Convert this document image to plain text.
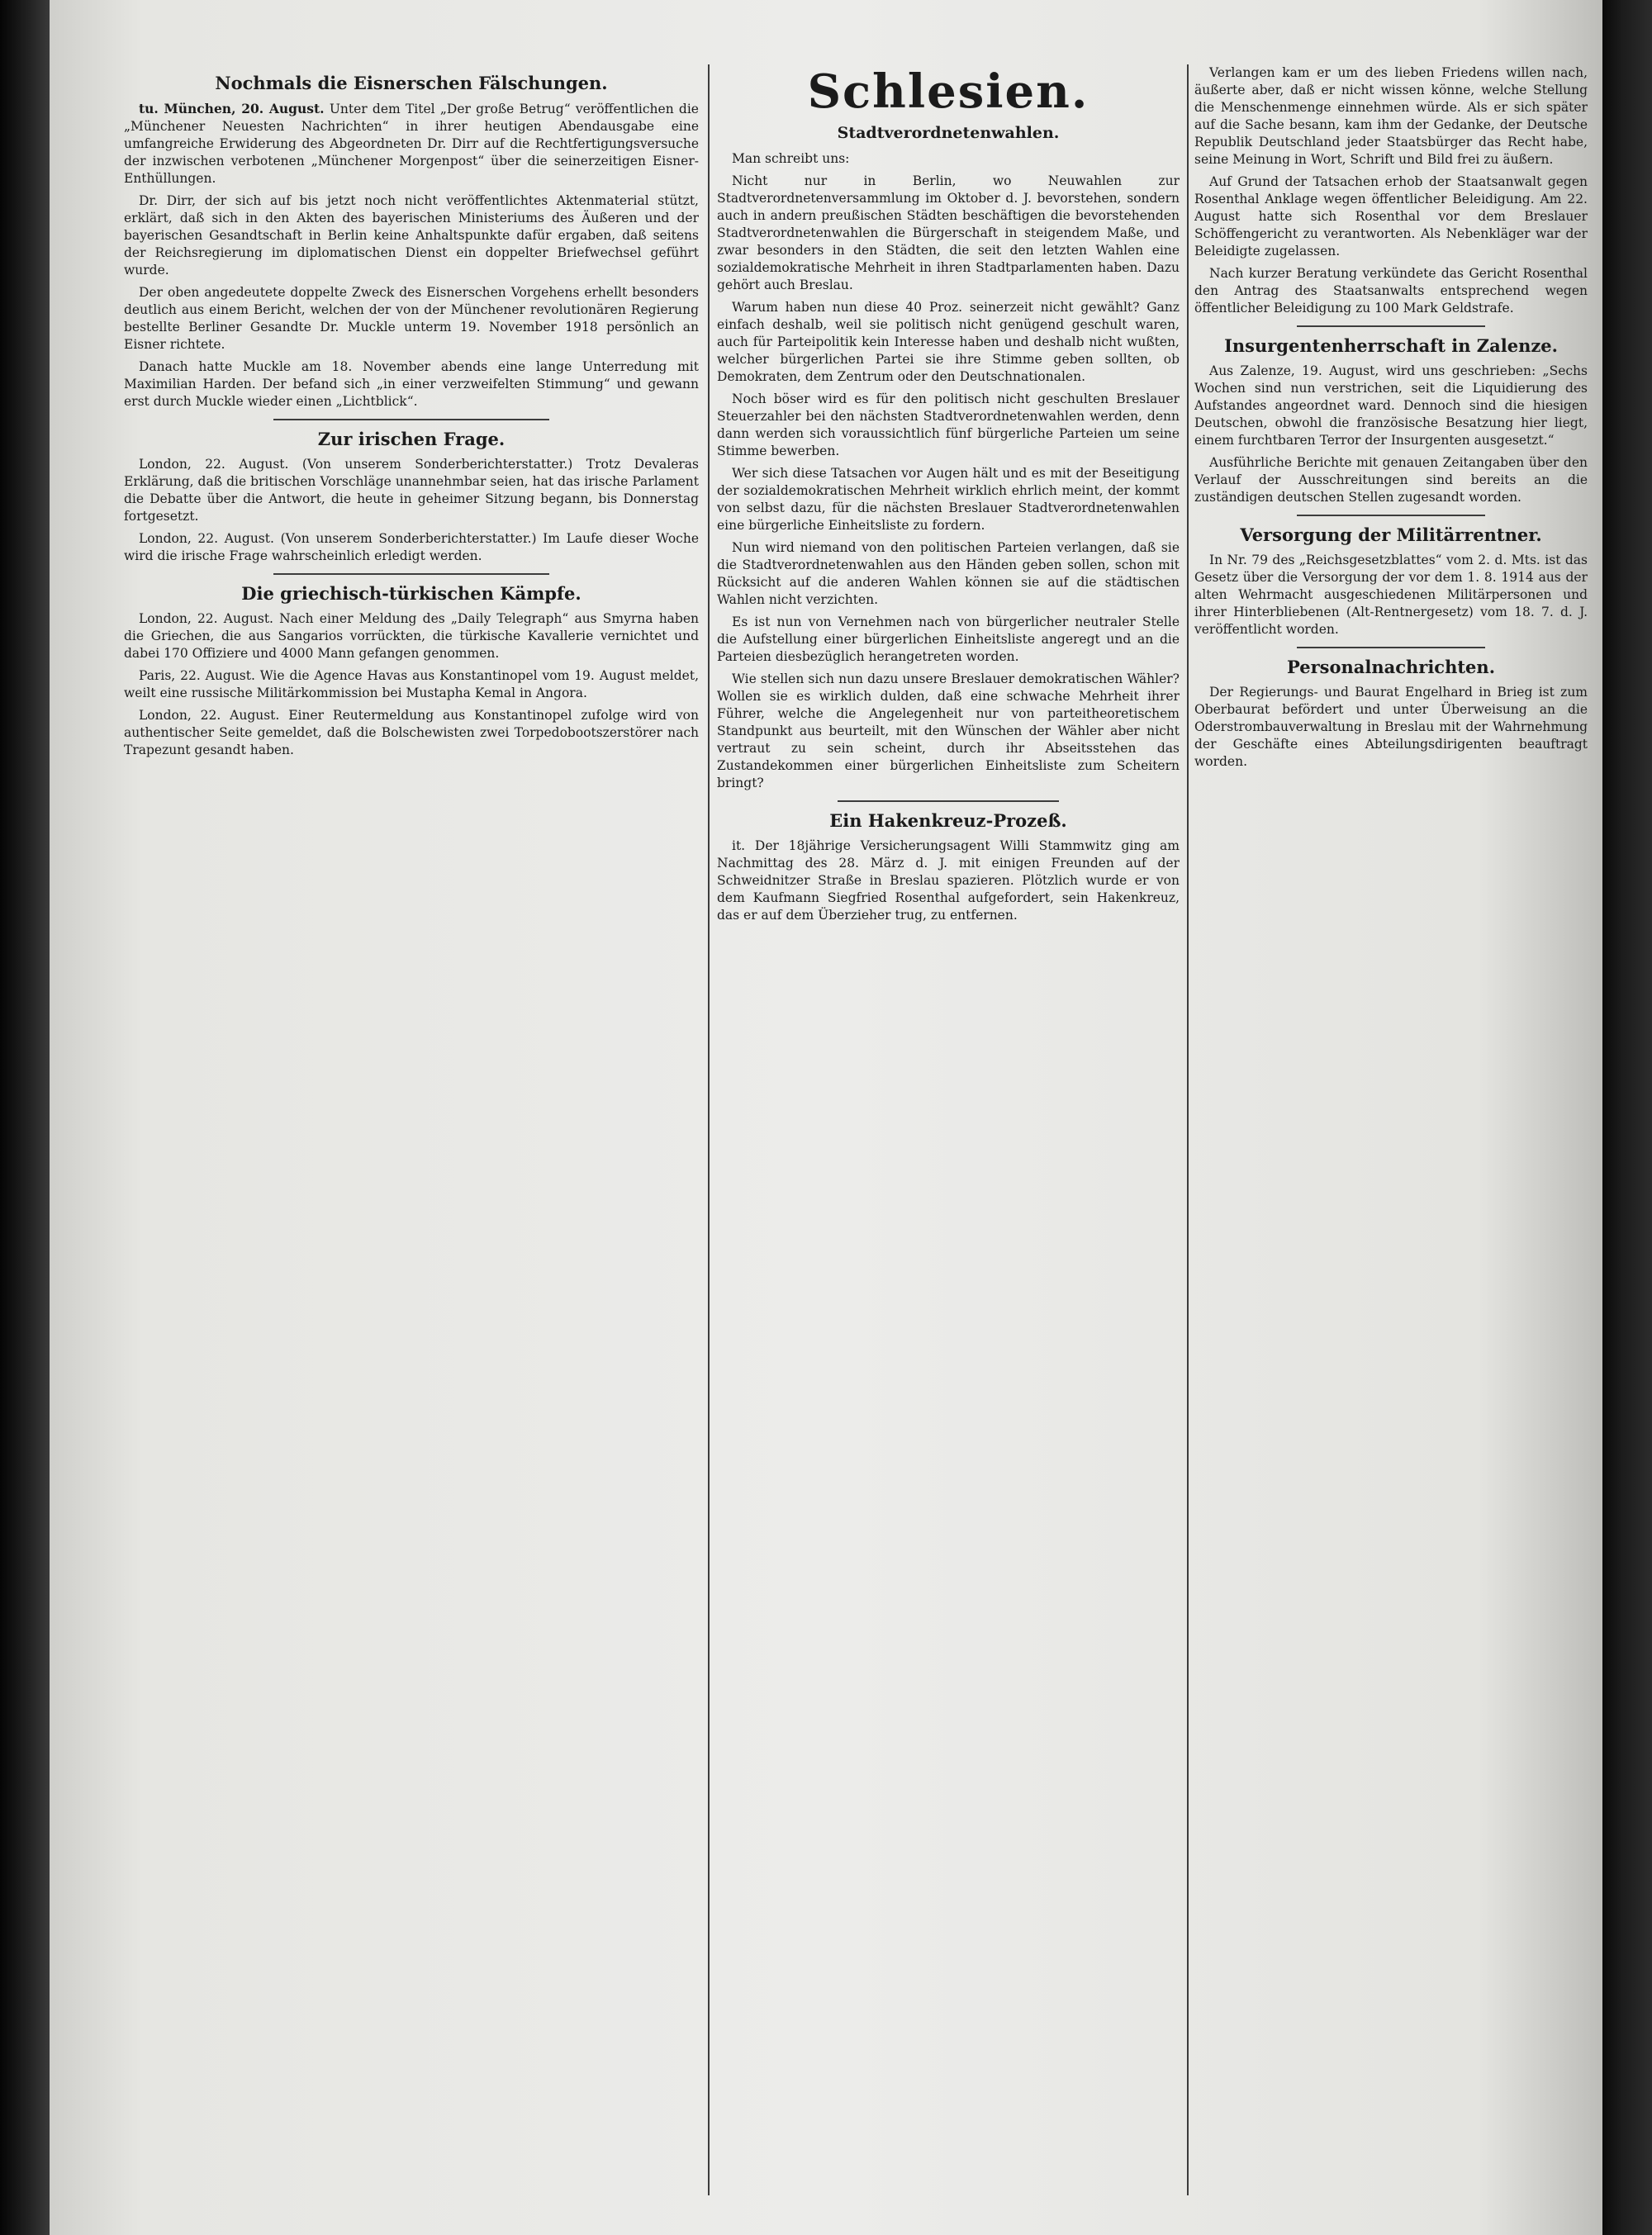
Nochmals die Eisnerschen Fälschungen.

tu. München, 20. August. Unter dem Titel „Der große Betrug“ veröffentlichen die „Münchener Neuesten Nachrichten“ in ihrer heutigen Abendausgabe eine umfangreiche Erwiderung des Abgeordneten Dr. Dirr auf die Rechtfertigungsversuche der inzwischen verbotenen „Münchener Morgenpost“ über die seinerzeitigen Eisner-Enthüllungen.

Dr. Dirr, der sich auf bis jetzt noch nicht veröffentlichtes Aktenmaterial stützt, erklärt, daß sich in den Akten des bayerischen Ministeriums des Äußeren und der bayerischen Gesandtschaft in Berlin keine Anhaltspunkte dafür ergaben, daß seitens der Reichsregierung im diplomatischen Dienst ein doppelter Briefwechsel geführt wurde.

Der oben angedeutete doppelte Zweck des Eisnerschen Vorgehens erhellt besonders deutlich aus einem Bericht, welchen der von der Münchener revolutionären Regierung bestellte Berliner Gesandte Dr. Muckle unterm 19. November 1918 persönlich an Eisner richtete.

Danach hatte Muckle am 18. November abends eine lange Unterredung mit Maximilian Harden. Der befand sich „in einer verzweifelten Stimmung“ und gewann erst durch Muckle wieder einen „Lichtblick“.

Zur irischen Frage.

London, 22. August. (Von unserem Sonderberichterstatter.) Trotz Devaleras Erklärung, daß die britischen Vorschläge unannehmbar seien, hat das irische Parlament die Debatte über die Antwort, die heute in geheimer Sitzung begann, bis Donnerstag fortgesetzt.

London, 22. August. (Von unserem Sonderberichterstatter.) Im Laufe dieser Woche wird die irische Frage wahrscheinlich erledigt werden.

Die griechisch-türkischen Kämpfe.

London, 22. August. Nach einer Meldung des „Daily Telegraph“ aus Smyrna haben die Griechen, die aus Sangarios vorrückten, die türkische Kavallerie vernichtet und dabei 170 Offiziere und 4000 Mann gefangen genommen.

Paris, 22. August. Wie die Agence Havas aus Konstantinopel vom 19. August meldet, weilt eine russische Militärkommission bei Mustapha Kemal in Angora.

London, 22. August. Einer Reutermeldung aus Konstantinopel zufolge wird von authentischer Seite gemeldet, daß die Bolschewisten zwei Torpedobootszerstörer nach Trapezunt gesandt haben.

Schlesien.
Stadtverordnetenwahlen.

Man schreibt uns:

Nicht nur in Berlin, wo Neuwahlen zur Stadtverordnetenversammlung im Oktober d. J. bevorstehen, sondern auch in andern preußischen Städten beschäftigen die bevorstehenden Stadtverordnetenwahlen die Bürgerschaft in steigendem Maße, und zwar besonders in den Städten, die seit den letzten Wahlen eine sozialdemokratische Mehrheit in ihren Stadtparlamenten haben. Dazu gehört auch Breslau.

Warum haben nun diese 40 Proz. seinerzeit nicht gewählt? Ganz einfach deshalb, weil sie politisch nicht genügend geschult waren, auch für Parteipolitik kein Interesse haben und deshalb nicht wußten, welcher bürgerlichen Partei sie ihre Stimme geben sollten, ob Demokraten, dem Zentrum oder den Deutschnationalen.

Noch böser wird es für den politisch nicht geschulten Breslauer Steuerzahler bei den nächsten Stadtverordnetenwahlen werden, denn dann werden sich voraussichtlich fünf bürgerliche Parteien um seine Stimme bewerben.

Wer sich diese Tatsachen vor Augen hält und es mit der Beseitigung der sozialdemokratischen Mehrheit wirklich ehrlich meint, der kommt von selbst dazu, für die nächsten Breslauer Stadtverordnetenwahlen eine bürgerliche Einheitsliste zu fordern.

Nun wird niemand von den politischen Parteien verlangen, daß sie die Stadtverordnetenwahlen aus den Händen geben sollen, schon mit Rücksicht auf die anderen Wahlen können sie auf die städtischen Wahlen nicht verzichten.

Es ist nun von Vernehmen nach von bürgerlicher neutraler Stelle die Aufstellung einer bürgerlichen Einheitsliste angeregt und an die Parteien diesbezüglich herangetreten worden.

Wie stellen sich nun dazu unsere Breslauer demokratischen Wähler? Wollen sie es wirklich dulden, daß eine schwache Mehrheit ihrer Führer, welche die Angelegenheit nur von parteitheoretischem Standpunkt aus beurteilt, mit den Wünschen der Wähler aber nicht vertraut zu sein scheint, durch ihr Abseitsstehen das Zustandekommen einer bürgerlichen Einheitsliste zum Scheitern bringt?

Ein Hakenkreuz-Prozeß.

it. Der 18jährige Versicherungsagent Willi Stammwitz ging am Nachmittag des 28. März d. J. mit einigen Freunden auf der Schweidnitzer Straße in Breslau spazieren. Plötzlich wurde er von dem Kaufmann Siegfried Rosenthal aufgefordert, sein Hakenkreuz, das er auf dem Überzieher trug, zu entfernen.

Verlangen kam er um des lieben Friedens willen nach, äußerte aber, daß er nicht wissen könne, welche Stellung die Menschenmenge einnehmen würde. Als er sich später auf die Sache besann, kam ihm der Gedanke, der Deutsche Republik Deutschland jeder Staatsbürger das Recht habe, seine Meinung in Wort, Schrift und Bild frei zu äußern.

Auf Grund der Tatsachen erhob der Staatsanwalt gegen Rosenthal Anklage wegen öffentlicher Beleidigung. Am 22. August hatte sich Rosenthal vor dem Breslauer Schöffengericht zu verantworten. Als Nebenkläger war der Beleidigte zugelassen.

Nach kurzer Beratung verkündete das Gericht Rosenthal den Antrag des Staatsanwalts entsprechend wegen öffentlicher Beleidigung zu 100 Mark Geldstrafe.

Insurgentenherrschaft in Zalenze.

Aus Zalenze, 19. August, wird uns geschrieben: „Sechs Wochen sind nun verstrichen, seit die Liquidierung des Aufstandes angeordnet ward. Dennoch sind die hiesigen Deutschen, obwohl die französische Besatzung hier liegt, einem furchtbaren Terror der Insurgenten ausgesetzt.“

Ausführliche Berichte mit genauen Zeitangaben über den Verlauf der Ausschreitungen sind bereits an die zuständigen deutschen Stellen zugesandt worden.

Versorgung der Militärrentner.

In Nr. 79 des „Reichsgesetzblattes“ vom 2. d. Mts. ist das Gesetz über die Versorgung der vor dem 1. 8. 1914 aus der alten Wehrmacht ausgeschiedenen Militärpersonen und ihrer Hinterbliebenen (Alt-Rentnergesetz) vom 18. 7. d. J. veröffentlicht worden.

Personalnachrichten.

Der Regierungs- und Baurat Engelhard in Brieg ist zum Oberbaurat befördert und unter Überweisung an die Oderstrombauverwaltung in Breslau mit der Wahrnehmung der Geschäfte eines Abteilungsdirigenten beauftragt worden.
